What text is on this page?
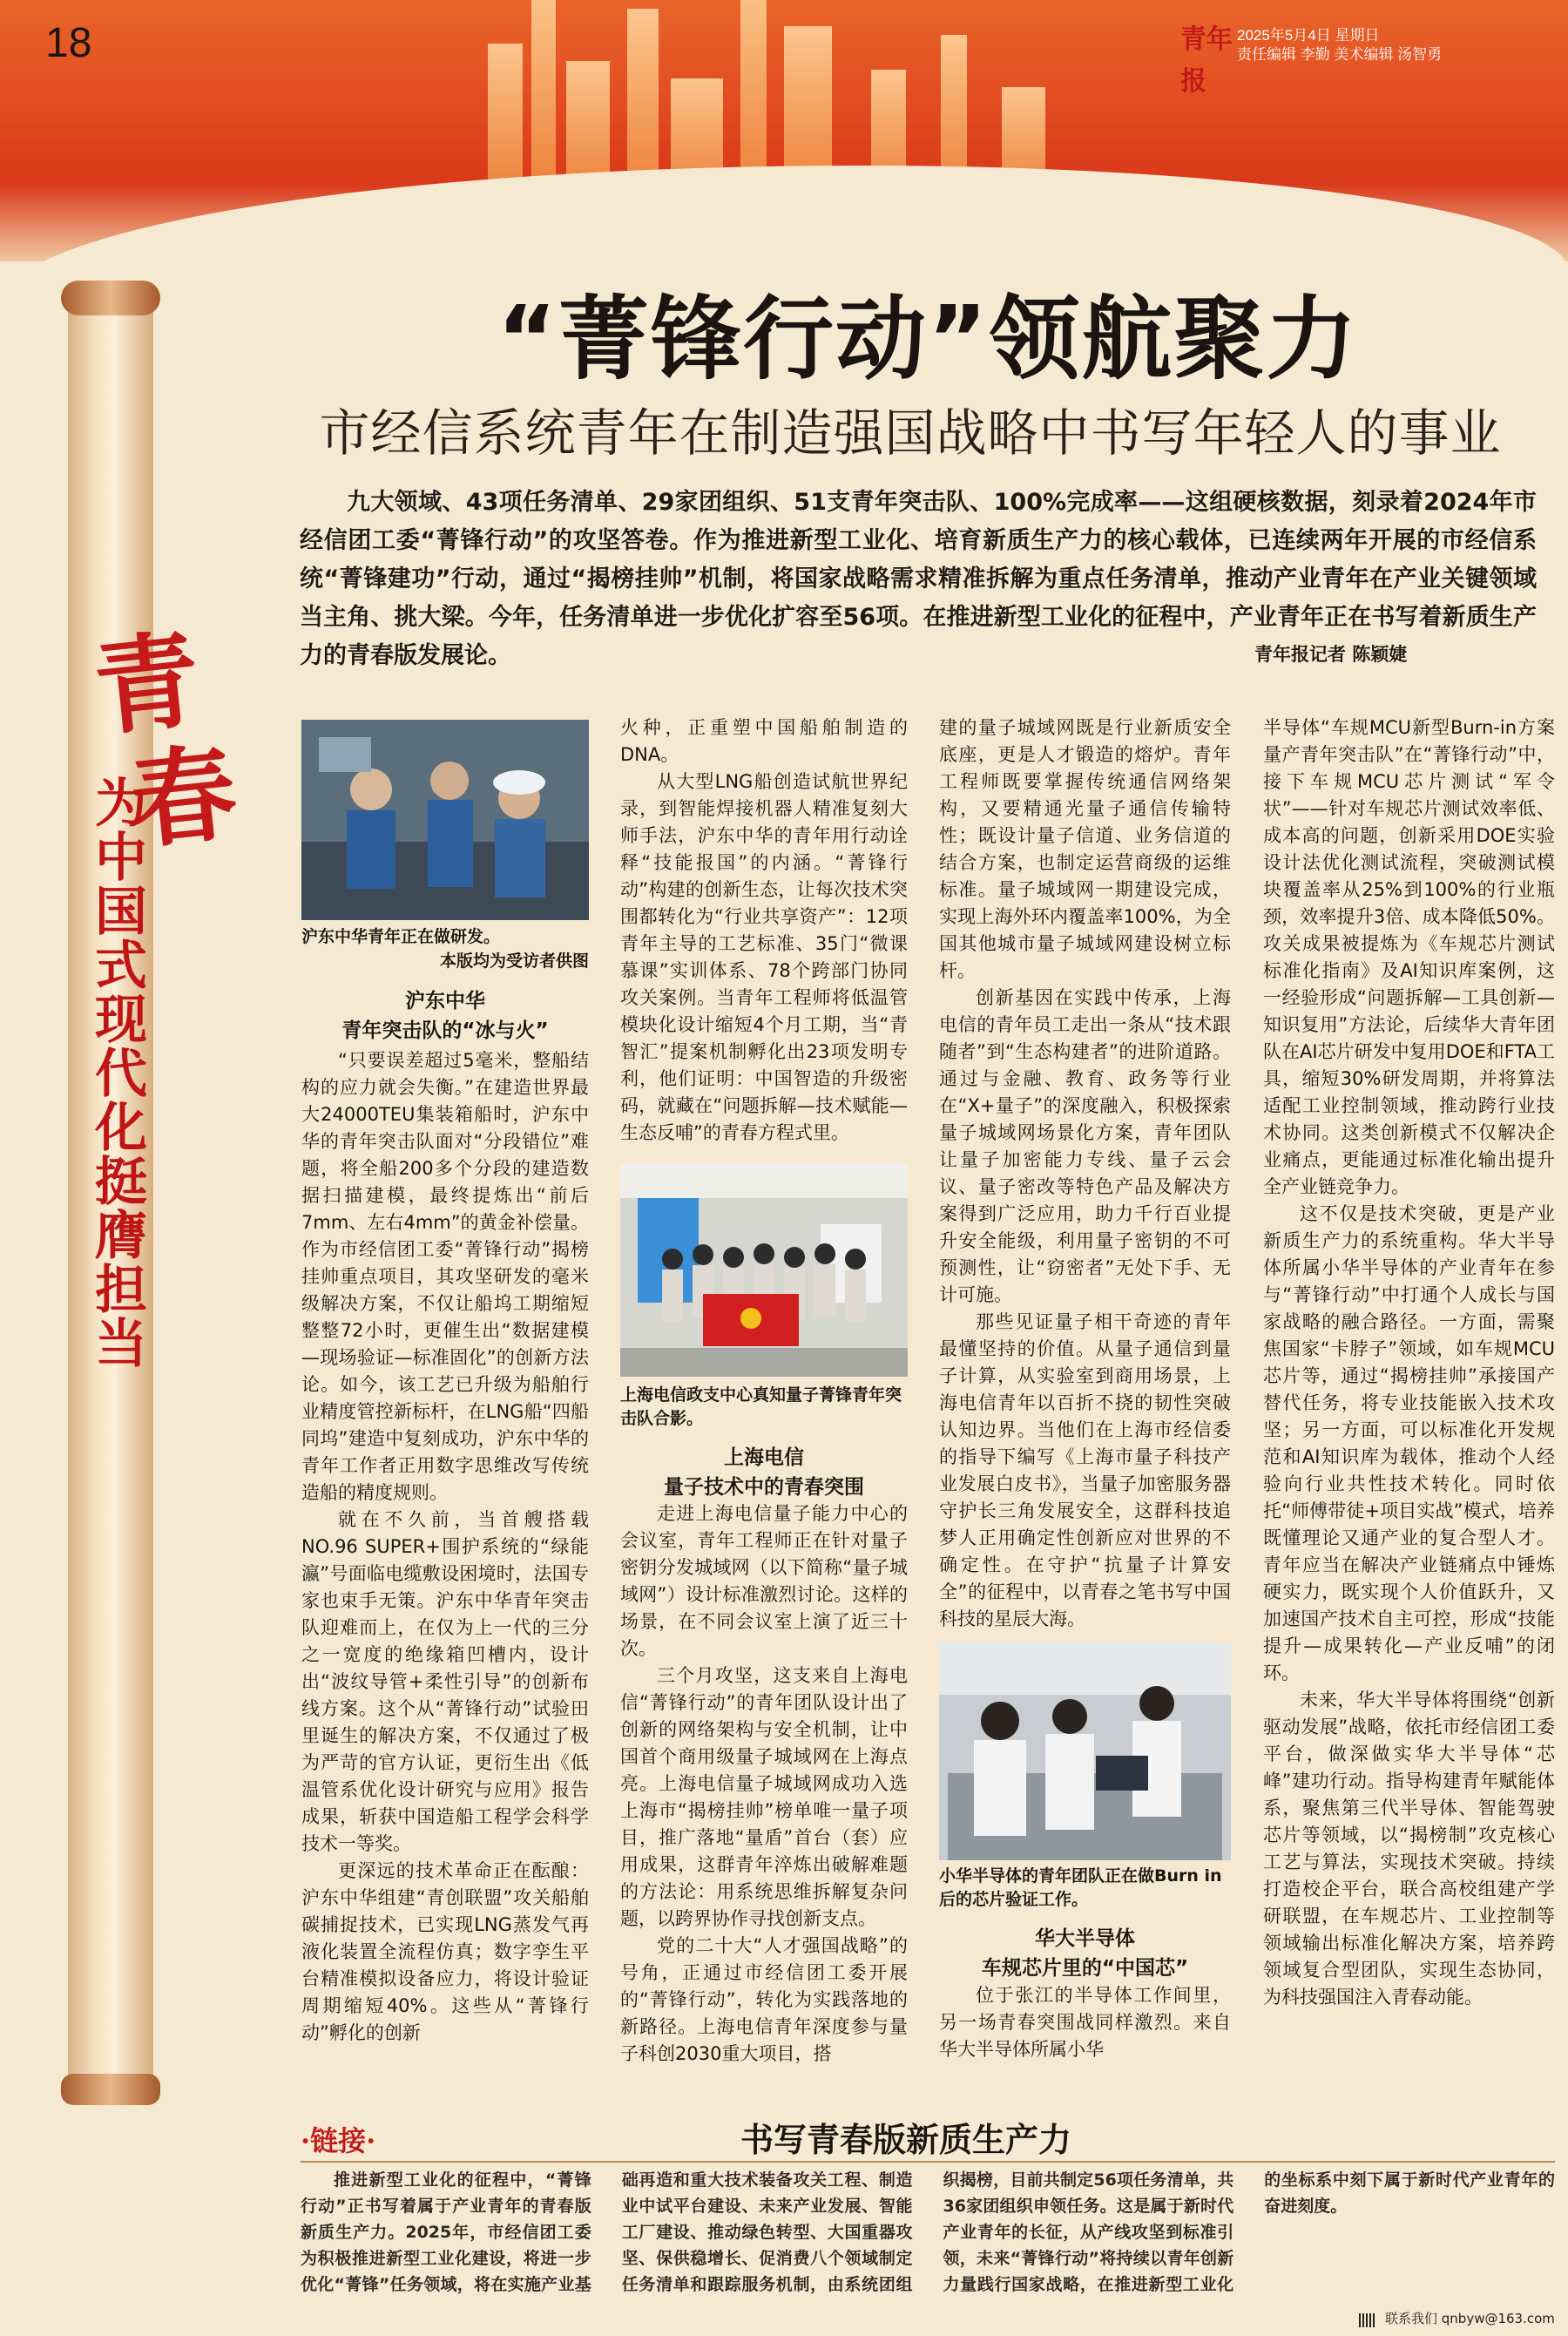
18	青年报
2025年5月4日 星期日
责任编辑 李勤 美术编辑 汤智勇
青
春
为中国式现代化挺膺担当
“菁锋行动”领航聚力
市经信系统青年在制造强国战略中书写年轻人的事业
九大领域、43项任务清单、29家团组织、51支青年突击队、100%完成率——这组硬核数据，刻录着2024年市经信团工委“菁锋行动”的攻坚答卷。作为推进新型工业化、培育新质生产力的核心载体，已连续两年开展的市经信系统“菁锋建功”行动，通过“揭榜挂帅”机制，将国家战略需求精准拆解为重点任务清单，推动产业青年在产业关键领域当主角、挑大梁。今年，任务清单进一步优化扩容至56项。在推进新型工业化的征程中，产业青年正在书写着新质生产力的青春版发展论。	青年报记者 陈颖婕
沪东中华青年正在做研发。
本版均为受访者供图
沪东中华
青年突击队的“冰与火”

“只要误差超过5毫米，整船结构的应力就会失衡。”在建造世界最大24000TEU集装箱船时，沪东中华的青年突击队面对“分段错位”难题，将全船200多个分段的建造数据扫描建模，最终提炼出“前后7mm、左右4mm”的黄金补偿量。作为市经信团工委“菁锋行动”揭榜挂帅重点项目，其攻坚研发的毫米级解决方案，不仅让船坞工期缩短整整72小时，更催生出“数据建模—现场验证—标准固化”的创新方法论。如今，该工艺已升级为船舶行业精度管控新标杆，在LNG船“四船同坞”建造中复刻成功，沪东中华的青年工作者正用数字思维改写传统造船的精度规则。

就在不久前，当首艘搭载NO.96 SUPER+围护系统的“绿能瀛”号面临电缆敷设困境时，法国专家也束手无策。沪东中华青年突击队迎难而上，在仅为上一代的三分之一宽度的绝缘箱凹槽内，设计出“波纹导管+柔性引导”的创新布线方案。这个从“菁锋行动”试验田里诞生的解决方案，不仅通过了极为严苛的官方认证，更衍生出《低温管系优化设计研究与应用》报告成果，斩获中国造船工程学会科学技术一等奖。

更深远的技术革命正在酝酿：沪东中华组建“青创联盟”攻关船舶碳捕捉技术，已实现LNG蒸发气再液化装置全流程仿真；数字孪生平台精准模拟设备应力，将设计验证周期缩短40%。这些从“菁锋行动”孵化的创新

火种，正重塑中国船舶制造的DNA。

从大型LNG船创造试航世界纪录，到智能焊接机器人精准复刻大师手法，沪东中华的青年用行动诠释“技能报国”的内涵。“菁锋行动”构建的创新生态，让每次技术突围都转化为“行业共享资产”：12项青年主导的工艺标准、35门“微课慕课”实训体系、78个跨部门协同攻关案例。当青年工程师将低温管模块化设计缩短4个月工期，当“青智汇”提案机制孵化出23项发明专利，他们证明：中国智造的升级密码，就藏在“问题拆解—技术赋能—生态反哺”的青春方程式里。

上海电信政支中心真知量子菁锋青年突击队合影。
上海电信
量子技术中的青春突围

走进上海电信量子能力中心的会议室，青年工程师正在针对量子密钥分发城域网（以下简称“量子城域网”）设计标准激烈讨论。这样的场景，在不同会议室上演了近三十次。

三个月攻坚，这支来自上海电信“菁锋行动”的青年团队设计出了创新的网络架构与安全机制，让中国首个商用级量子城域网在上海点亮。上海电信量子城域网成功入选上海市“揭榜挂帅”榜单唯一量子项目，推广落地“量盾”首台（套）应用成果，这群青年淬炼出破解难题的方法论：用系统思维拆解复杂问题，以跨界协作寻找创新支点。

党的二十大“人才强国战略”的号角，正通过市经信团工委开展的“菁锋行动”，转化为实践落地的新路径。上海电信青年深度参与量子科创2030重大项目，搭

建的量子城域网既是行业新质安全底座，更是人才锻造的熔炉。青年工程师既要掌握传统通信网络架构，又要精通光量子通信传输特性；既设计量子信道、业务信道的结合方案，也制定运营商级的运维标准。量子城域网一期建设完成，实现上海外环内覆盖率100%，为全国其他城市量子城域网建设树立标杆。

创新基因在实践中传承，上海电信的青年员工走出一条从“技术跟随者”到“生态构建者”的进阶道路。通过与金融、教育、政务等行业在“X+量子”的深度融入，积极探索量子城域网场景化方案，青年团队让量子加密能力专线、量子云会议、量子密改等特色产品及解决方案得到广泛应用，助力千行百业提升安全能级，利用量子密钥的不可预测性，让“窃密者”无处下手、无计可施。

那些见证量子相干奇迹的青年最懂坚持的价值。从量子通信到量子计算，从实验室到商用场景，上海电信青年以百折不挠的韧性突破认知边界。当他们在上海市经信委的指导下编写《上海市量子科技产业发展白皮书》，当量子加密服务器守护长三角发展安全，这群科技追梦人正用确定性创新应对世界的不确定性。在守护“抗量子计算安全”的征程中，以青春之笔书写中国科技的星辰大海。

小华半导体的青年团队正在做Burn in后的芯片验证工作。
华大半导体
车规芯片里的“中国芯”

位于张江的半导体工作间里，另一场青春突围战同样激烈。来自华大半导体所属小华

半导体“车规MCU新型Burn-in方案量产青年突击队”在“菁锋行动”中，接下车规MCU芯片测试“军令状”——针对车规芯片测试效率低、成本高的问题，创新采用DOE实验设计法优化测试流程，突破测试模块覆盖率从25%到100%的行业瓶颈，效率提升3倍、成本降低50%。攻关成果被提炼为《车规芯片测试标准化指南》及AI知识库案例，这一经验形成“问题拆解—工具创新—知识复用”方法论，后续华大青年团队在AI芯片研发中复用DOE和FTA工具，缩短30%研发周期，并将算法适配工业控制领域，推动跨行业技术协同。这类创新模式不仅解决企业痛点，更能通过标准化输出提升全产业链竞争力。

这不仅是技术突破，更是产业新质生产力的系统重构。华大半导体所属小华半导体的产业青年在参与“菁锋行动”中打通个人成长与国家战略的融合路径。一方面，需聚焦国家“卡脖子”领域，如车规MCU芯片等，通过“揭榜挂帅”承接国产替代任务，将专业技能嵌入技术攻坚；另一方面，可以标准化开发规范和AI知识库为载体，推动个人经验向行业共性技术转化。同时依托“师傅带徒+项目实战”模式，培养既懂理论又通产业的复合型人才。青年应当在解决产业链痛点中锤炼硬实力，既实现个人价值跃升，又加速国产技术自主可控，形成“技能提升—成果转化—产业反哺”的闭环。

未来，华大半导体将围绕“创新驱动发展”战略，依托市经信团工委平台，做深做实华大半导体“芯峰”建功行动。指导构建青年赋能体系，聚焦第三代半导体、智能驾驶芯片等领域，以“揭榜制”攻克核心工艺与算法，实现技术突破。持续打造校企平台，联合高校组建产学研联盟，在车规芯片、工业控制等领域输出标准化解决方案，培养跨领域复合型团队，实现生态协同，为科技强国注入青春动能。

·链接·	书写青春版新质生产力
推进新型工业化的征程中，“菁锋行动”正书写着属于产业青年的青春版新质生产力。2025年，市经信团工委为积极推进新型工业化建设，将进一步优化“菁锋”任务领域，将在实施产业基础再造和重大技术装备攻关工程、制造业中试平台建设、未来产业发展、智能工厂建设、推动绿色转型、大国重器攻坚、保供稳增长、促消费八个领域制定任务清单和跟踪服务机制，由系统团组织揭榜，目前共制定56项任务清单，共36家团组织申领任务。这是属于新时代产业青年的长征，从产线攻坚到标准引领，未来“菁锋行动”将持续以青年创新力量践行国家战略，在推进新型工业化的坐标系中刻下属于新时代产业青年的奋进刻度。
联系我们 qnbyw@163.com
